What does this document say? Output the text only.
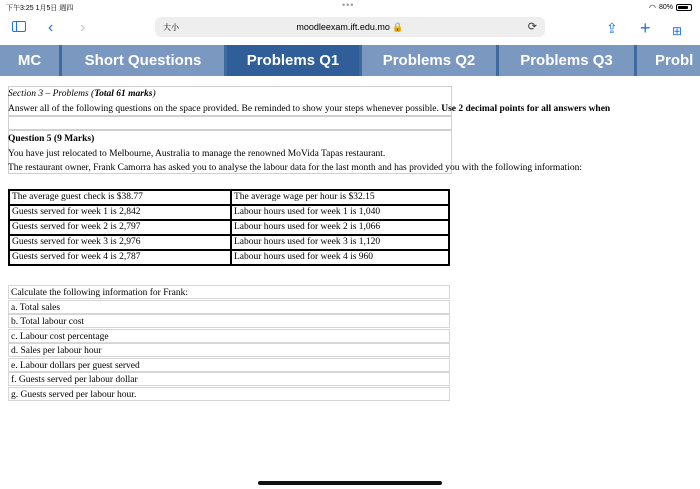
下午3:25 1月5日 週四	•••	◠ 80%
‹ ›	大小	moodleexam.ift.edu.mo 🔒	⟳	⇪ + ⊞
MC	Short Questions	Problems Q1	Problems Q2	Problems Q3	Probl
Section 3 – Problems (Total 61 marks)
Answer all of the following questions on the space provided. Be reminded to show your steps whenever possible. Use 2 decimal points for all answers when
Question 5 (9 Marks)
You have just relocated to Melbourne, Australia to manage the renowned MoVida Tapas restaurant.
The restaurant owner, Frank Camorra has asked you to analyse the labour data for the last month and has provided you with the following information:
The average guest check is $38.77	The average wage per hour is $32.15
Guests served for week 1 is 2,842	Labour hours used for week 1 is 1,040
Guests served for week 2 is 2,797	Labour hours used for week 2 is 1,066
Guests served for week 3 is 2,976	Labour hours used for week 3 is 1,120
Guests served for week 4 is 2,787	Labour hours used for week 4 is 960
Calculate the following information for Frank:
a. Total sales
b. Total labour cost
c. Labour cost percentage
d. Sales per labour hour
e. Labour dollars per guest served
f. Guests served per labour dollar
g. Guests served per labour hour.
